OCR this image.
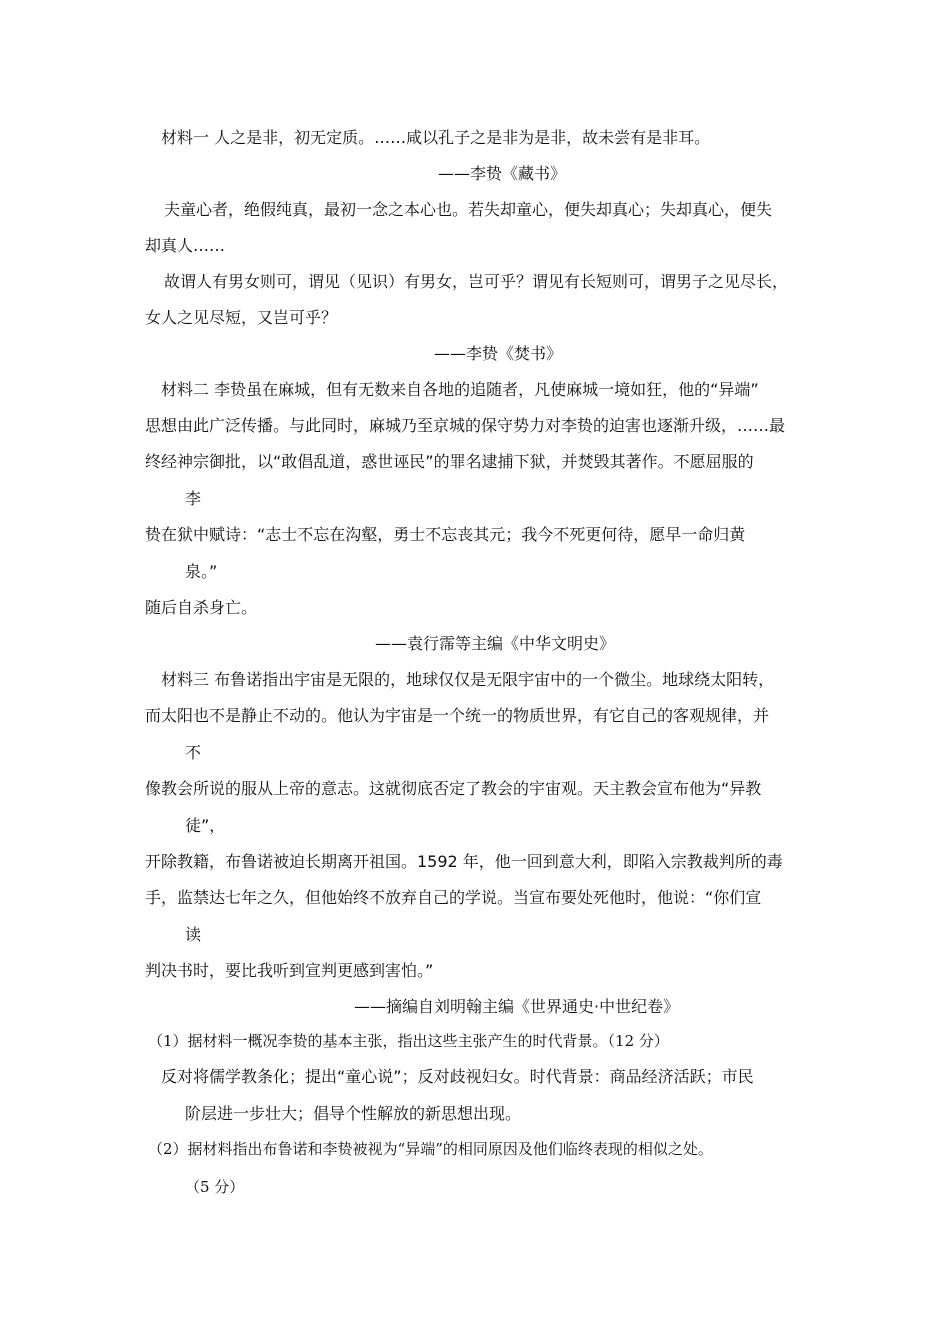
材料一 人之是非，初无定质。……咸以孔子之是非为是非，故未尝有是非耳。
——李贽《藏书》
夫童心者，绝假纯真，最初一念之本心也。若失却童心，便失却真心；失却真心，便失
却真人……
故谓人有男女则可，谓见（见识）有男女，岂可乎？谓见有长短则可，谓男子之见尽长，
女人之见尽短，又岂可乎？
——李贽《焚书》
材料二 李贽虽在麻城，但有无数来自各地的追随者，凡使麻城一境如狂，他的“异端”
思想由此广泛传播。与此同时，麻城乃至京城的保守势力对李贽的迫害也逐渐升级，……最
终经神宗御批，以“敢倡乱道，惑世诬民”的罪名逮捕下狱，并焚毁其著作。不愿屈服的
李
贽在狱中赋诗：“志士不忘在沟壑，勇士不忘丧其元；我今不死更何待，愿早一命归黄
泉。”
随后自杀身亡。
——袁行霈等主编《中华文明史》
材料三 布鲁诺指出宇宙是无限的，地球仅仅是无限宇宙中的一个微尘。地球绕太阳转，
而太阳也不是静止不动的。他认为宇宙是一个统一的物质世界，有它自己的客观规律，并
不
像教会所说的服从上帝的意志。这就彻底否定了教会的宇宙观。天主教会宣布他为“异教
徒”，
开除教籍，布鲁诺被迫长期离开祖国。1592 年，他一回到意大利，即陷入宗教裁判所的毒
手，监禁达七年之久，但他始终不放弃自己的学说。当宣布要处死他时，他说：“你们宣
读
判决书时，要比我听到宣判更感到害怕。”
——摘编自刘明翰主编《世界通史·中世纪卷》
（1）据材料一概况李贽的基本主张，指出这些主张产生的时代背景。（12 分）
反对将儒学教条化；提出“童心说”；反对歧视妇女。时代背景：商品经济活跃；市民
阶层进一步壮大；倡导个性解放的新思想出现。
（2）据材料指出布鲁诺和李贽被视为“异端”的相同原因及他们临终表现的相似之处。
（5 分）
